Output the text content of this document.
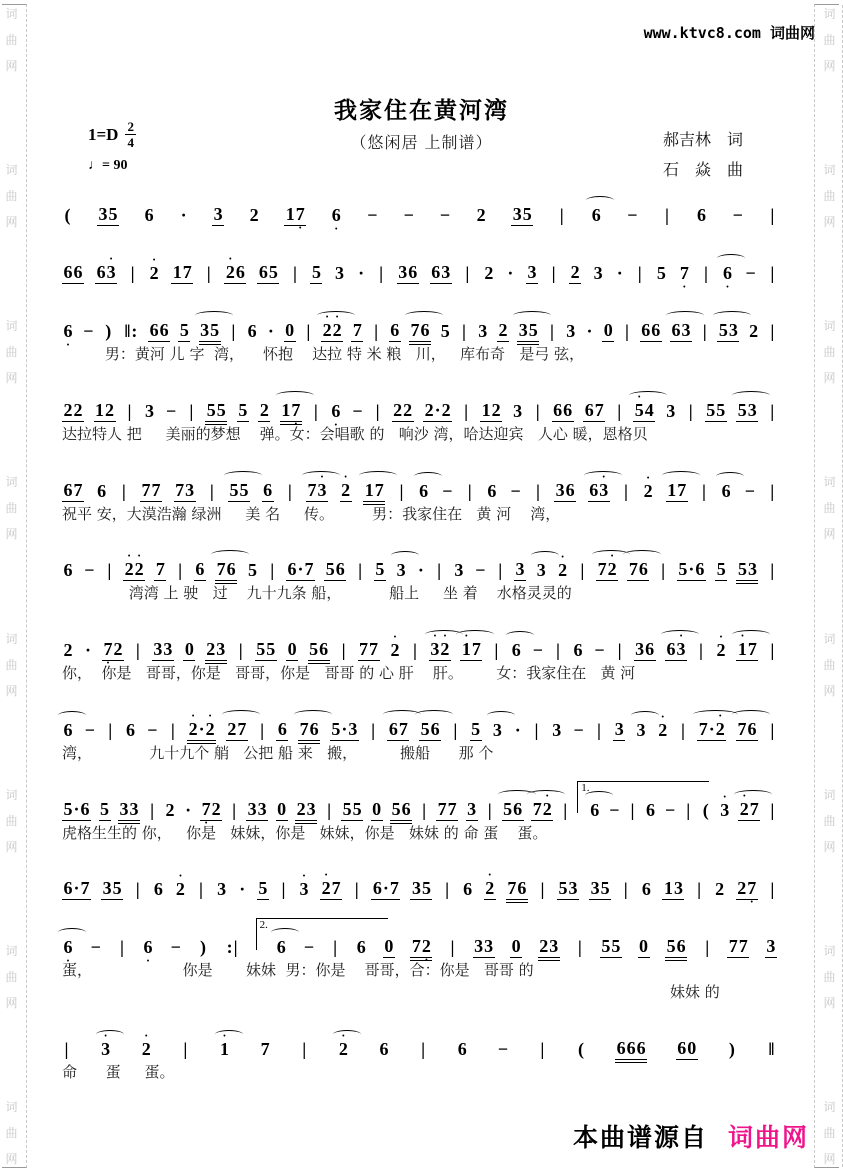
词
曲
网
词
曲
网
词
曲
网
词
曲
网
词
曲
网
词
曲
网
词
曲
网
词
曲
网
词
曲
网
词
曲
网
词
曲
网
词
曲
网
词
曲
网
词
曲
网
词
曲
网
词
曲
网
www.ktvc8.com 词曲网
我家住在黄河湾
（悠闲居 上制谱）
$1=D \frac{2}{4}$
♩= 90
郝吉林　词
石　焱　曲
( 3 5 6 · 3 2 1 7 • 6 • − − − 2 3 5 | 6 − | 6 − |
6 6 6 • 3 | • 2 1 7 | • 2 6 6 5 | 5 3 · | 3 6 6 3 | 2 · 3 | 2 3 · | 5 7 • | 6 • − |
6 • − ) ‖ : 6 6 5 3 5 | 6 · 0 | • 2 • 2 7 | 6 7 6 5 | 3 2 3 5 | 3 · 0 | 6 6 6 3 | 5 3 2 |
男：黄河 儿 字  湾，    怀抱    达拉 特 米 粮   川，   库布奇   是弓 弦，
2 2 1 2 | 3 − | 5 5 5 2 1 7 • | 6 • − | 2 2 2 · 2 | 1 2 3 | 6 6 6 7 | • 5 4 3 | 5 5 5 3 |
达拉特人 把     美丽的梦想    弹。女：会唱歌 的   响沙 湾，哈达迎宾   人心 暖，恩格贝
6 7 6 | 7 7 7 3 | 5 5 6 | 7 • 3 • 2 1 7 | 6 − | 6 − | 3 6 6 • 3 | • 2 1 7 | 6 − |
祝平 安，大漠浩瀚 绿洲     美 名     传。        男：我家住在   黄 河    湾，
6 − | • 2 • 2 7 | 6 7 6 5 | 6 · 7 5 6 | 5 3 · | 3 − | 3 3 • 2 | 7 • 2 7 6 | 5 · 6 5 5 3 |
湾湾 上 驶   过    九十九条 船，          船上     坐 着    水格灵灵的
2 · 7 • 2 | 3 3 0 2 3 | 5 5 0 5 6 | 7 7 • 2 | • 3 • 2 • 1 7 | 6 − | 6 − | 3 6 6 • 3 | • 2 • 1 7 |
你，  你是   哥哥，你是   哥哥，你是   哥哥 的 心 肝    肝。       女：我家住在   黄 河
6 − | 6 − | • 2 · • 2 2 7 | 6 7 6 5 · 3 | 6 7 5 6 | 5 3 · | 3 − | 3 3 • 2 | 7 · • 2 7 6 |
湾，            九十九个 艄   公把 船 来   搬，         搬船      那 个
5 · 6 5 3 3 | 2 · 7 • 2 | 3 3 0 2 3 | 5 5 0 5 6 | 7 7 3 | 5 6 7 • 2 |
1.
6 − | 6 − | ( • 3 • 2 7 |
虎格生生的 你，   你是   妹妹，你是   妹妹，你是   妹妹 的 命 蛋    蛋。
6 · 7 3 5 | 6 • 2 | 3 · 5 | • 3 • 2 7 | 6 · 7 3 5 | 6 • 2 7 6 | 5 3 3 5 | 6 1 3 | 2 2 7 • |
6 • − | 6 • − ) : |
2.
6 − | 6 0 7 2 • | 3 3 0 2 3 | 5 5 0 5 6 | 7 7 3
蛋，                   你是       妹妹  男：你是    哥哥，合：你是   哥哥 的
妹妹 的
| • 3 • 2 | • 1 7 | • 2 6 | 6 − | ( 6 6 6 6 0 ) ‖
命      蛋     蛋。
本曲谱源自 词曲网
